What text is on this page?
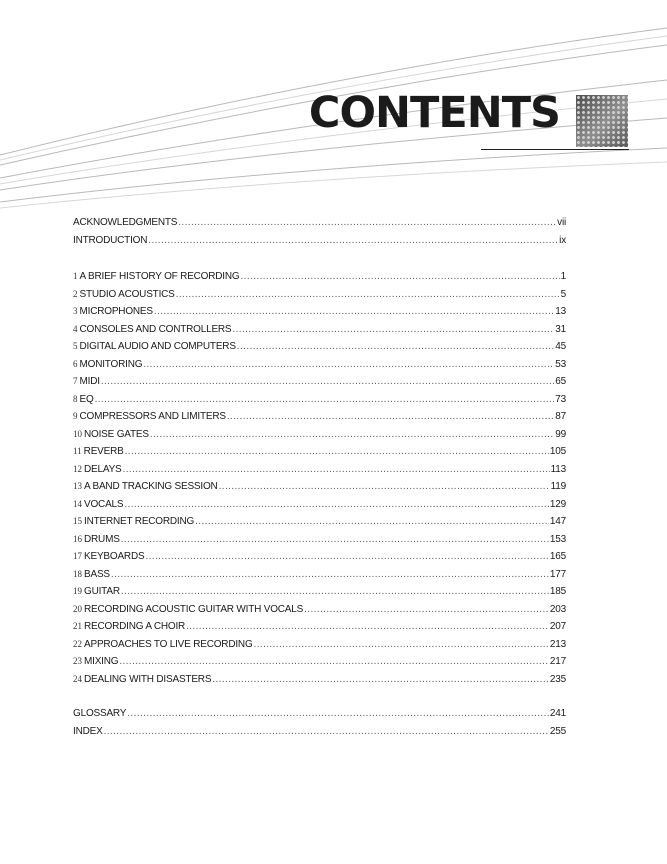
CONTENTS
ACKNOWLEDGMENTS .....	vii
INTRODUCTION .....	ix
1 A BRIEF HISTORY OF RECORDING .....	1
2 STUDIO ACOUSTICS .....	5
3 MICROPHONES .....	13
4 CONSOLES AND CONTROLLERS .....	31
5 DIGITAL AUDIO AND COMPUTERS .....	45
6 MONITORING .....	53
7 MIDI .....	65
8 EQ .....	73
9 COMPRESSORS AND LIMITERS .....	87
10 NOISE GATES .....	99
11 REVERB .....	105
12 DELAYS .....	113
13 A BAND TRACKING SESSION .....	119
14 VOCALS .....	129
15 INTERNET RECORDING .....	147
16 DRUMS .....	153
17 KEYBOARDS .....	165
18 BASS .....	177
19 GUITAR .....	185
20 RECORDING ACOUSTIC GUITAR WITH VOCALS .....	203
21 RECORDING A CHOIR .....	207
22 APPROACHES TO LIVE RECORDING .....	213
23 MIXING .....	217
24 DEALING WITH DISASTERS .....	235
GLOSSARY .....	241
INDEX .....	255
